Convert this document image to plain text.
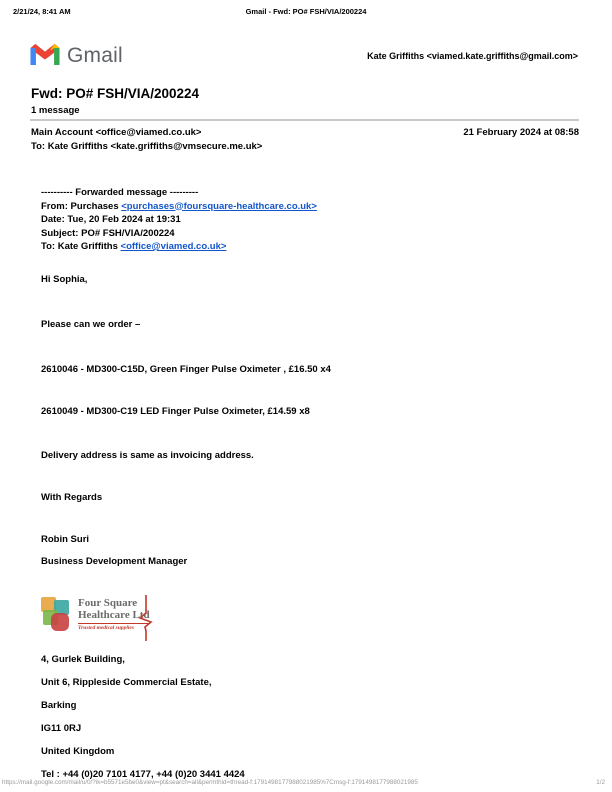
2/21/24, 8:41 AM	Gmail - Fwd: PO# FSH/VIA/200224
Gmail	Kate Griffiths <viamed.kate.griffiths@gmail.com>
Fwd: PO# FSH/VIA/200224
1 message
Main Account <office@viamed.co.uk>
To: Kate Griffiths <kate.griffiths@vmsecure.me.uk>
21 February 2024 at 08:58
---------- Forwarded message ---------
From: Purchases <purchases@foursquare-healthcare.co.uk>
Date: Tue, 20 Feb 2024 at 19:31
Subject: PO# FSH/VIA/200224
To: Kate Griffiths <office@viamed.co.uk>

Hi Sophia,

Please can we order –

2610046 - MD300-C15D, Green Finger Pulse Oximeter , £16.50 x4

2610049 - MD300-C19 LED Finger Pulse Oximeter, £14.59 x8

Delivery address is same as invoicing address.

With Regards

Robin Suri

Business Development Manager

Four Square
Healthcare Ltd
Trusted medical supplies
4, Gurlek Building,
Unit 6, Rippleside Commercial Estate,
Barking
IG11 0RJ
United Kingdom
Tel : +44 (0)20 7101 4177, +44 (0)20 3441 4424
https://mail.google.com/mail/u/0/?ik=b5571e5be0&view=pt&search=all&permthid=thread-f:1791498177988021985%7Cmsg-f:1791498177988021985	1/2
